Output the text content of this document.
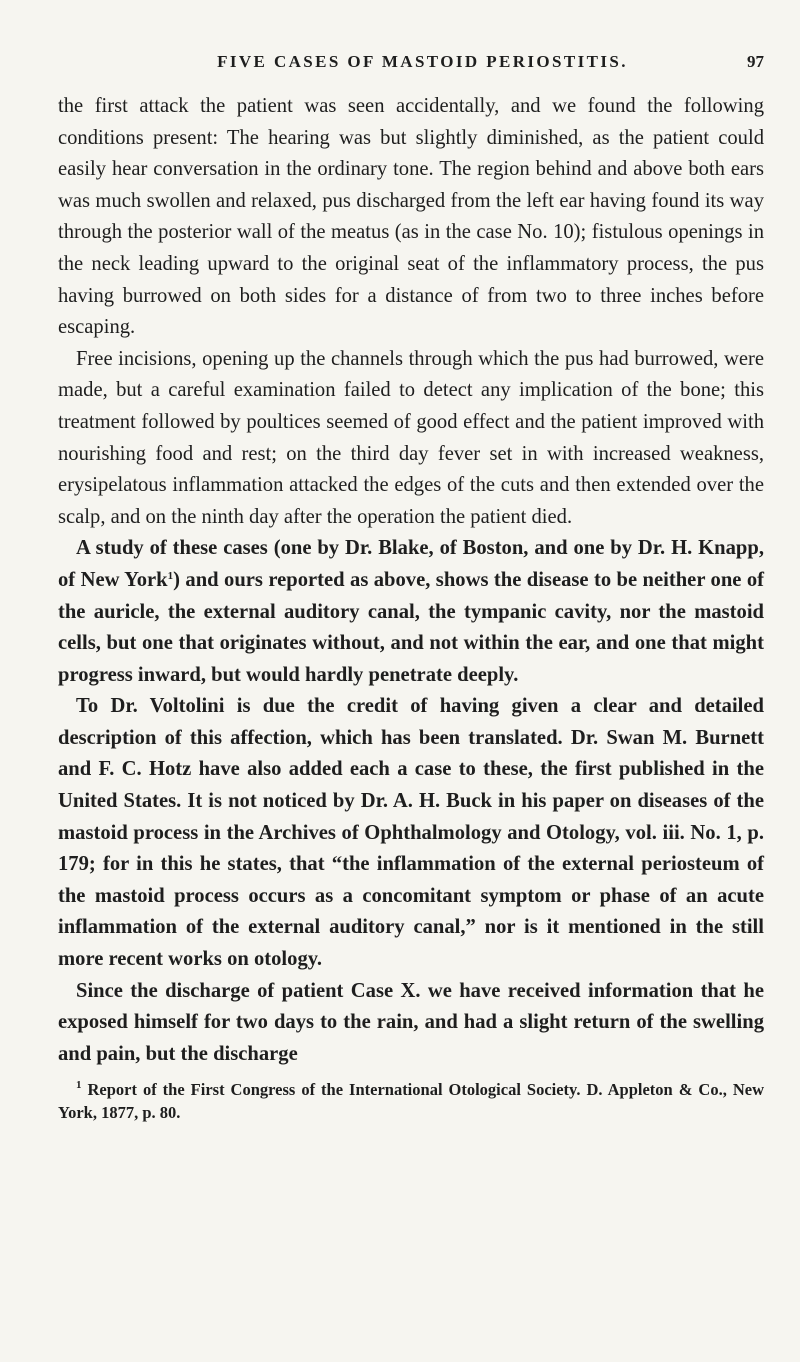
FIVE CASES OF MASTOID PERIOSTITIS.	97

the first attack the patient was seen accidentally, and we found the following conditions present: The hearing was but slightly diminished, as the patient could easily hear conversation in the ordinary tone. The region behind and above both ears was much swollen and relaxed, pus discharged from the left ear having found its way through the posterior wall of the meatus (as in the case No. 10); fistulous openings in the neck leading upward to the original seat of the inflammatory process, the pus having burrowed on both sides for a distance of from two to three inches before escaping.

Free incisions, opening up the channels through which the pus had burrowed, were made, but a careful examination failed to detect any implication of the bone; this treatment followed by poultices seemed of good effect and the patient improved with nourishing food and rest; on the third day fever set in with increased weakness, erysipelatous inflammation attacked the edges of the cuts and then extended over the scalp, and on the ninth day after the operation the patient died.

A study of these cases (one by Dr. Blake, of Boston, and one by Dr. H. Knapp, of New York$^1$) and ours reported as above, shows the disease to be neither one of the auricle, the external auditory canal, the tympanic cavity, nor the mastoid cells, but one that originates without, and not within the ear, and one that might progress inward, but would hardly penetrate deeply.

To Dr. Voltolini is due the credit of having given a clear and detailed description of this affection, which has been translated. Dr. Swan M. Burnett and F. C. Hotz have also added each a case to these, the first published in the United States. It is not noticed by Dr. A. H. Buck in his paper on diseases of the mastoid process in the Archives of Ophthalmology and Otology, vol. iii. No. 1, p. 179; for in this he states, that “the inflammation of the external periosteum of the mastoid process occurs as a concomitant symptom or phase of an acute inflammation of the external auditory canal,” nor is it mentioned in the still more recent works on otology.

Since the discharge of patient Case X. we have received information that he exposed himself for two days to the rain, and had a slight return of the swelling and pain, but the discharge

$^1$ Report of the First Congress of the International Otological Society. D. Appleton & Co., New York, 1877, p. 80.
